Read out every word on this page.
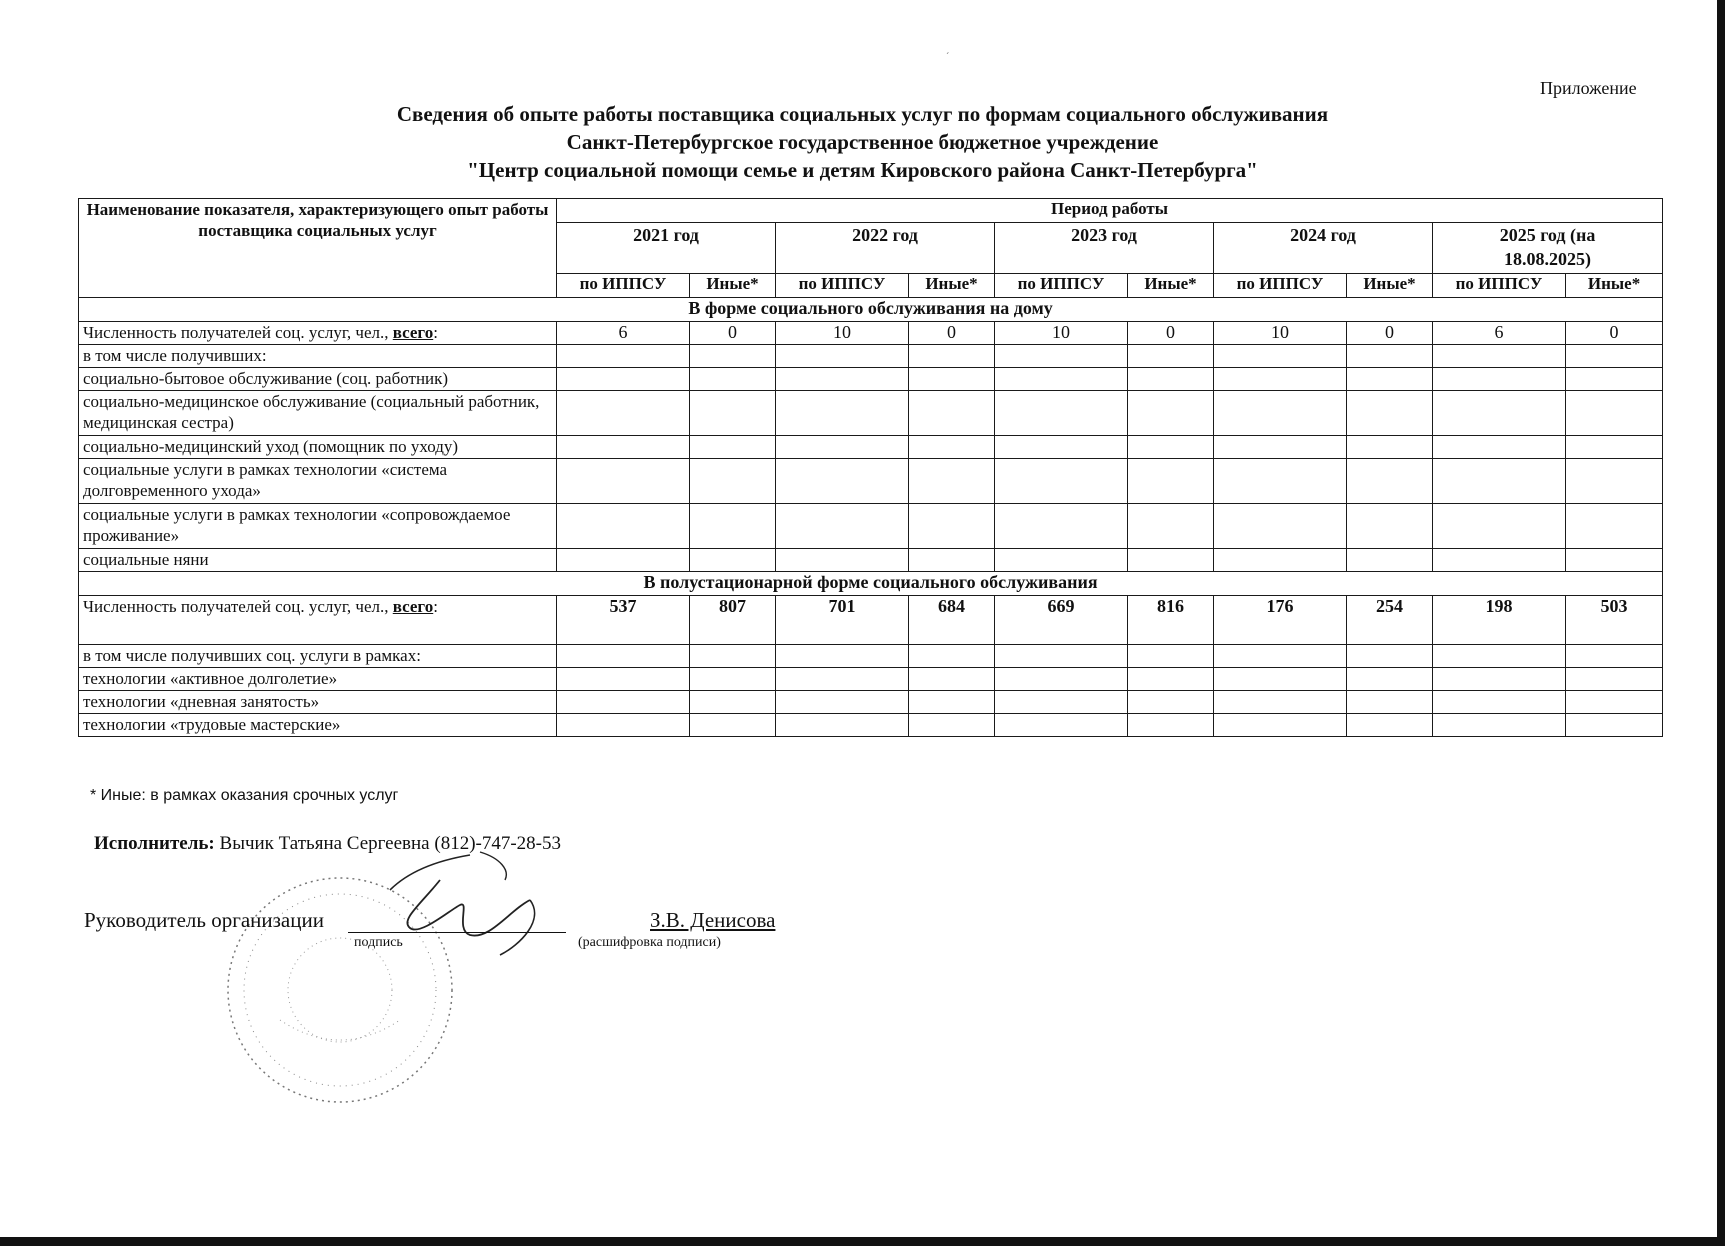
´
Приложение
Сведения об опыте работы поставщика социальных услуг по формам социального обслуживания
Санкт-Петербургское государственное бюджетное учреждение
"Центр социальной помощи семье и детям Кировского района Санкт-Петербурга"
Наименование показателя, характеризующего опыт работы поставщика социальных услуг	Период работы									
	2021 год		2022 год		2023 год		2024 год		2025 год (на 18.08.2025)	
	по ИППСУ	Иные*	по ИППСУ	Иные*	по ИППСУ	Иные*	по ИППСУ	Иные*	по ИППСУ	Иные*
В форме социального обслуживания на дому										
Численность получателей соц. услуг, чел., всего:	6	0	10	0	10	0	10	0	6	0
в том числе получивших:										
социально-бытовое обслуживание (соц. работник)										
социально-медицинское обслуживание (социальный работник, медицинская сестра)										
социально-медицинский уход (помощник по уходу)										
социальные услуги в рамках технологии «система долговременного ухода»										
социальные услуги в рамках технологии «сопровождаемое проживание»										
социальные няни										
В полустационарной форме социального обслуживания										
Численность получателей соц. услуг, чел., всего:	537	807	701	684	669	816	176	254	198	503
в том числе получивших соц. услуги в рамках:										
технологии «активное долголетие»										
технологии «дневная занятость»										
технологии «трудовые мастерские»										
* Иные: в рамках оказания срочных услуг
Исполнитель: Вычик Татьяна Сергеевна (812)-747-28-53
Руководитель организации
подпись
З.В. Денисова
(расшифровка подписи)
